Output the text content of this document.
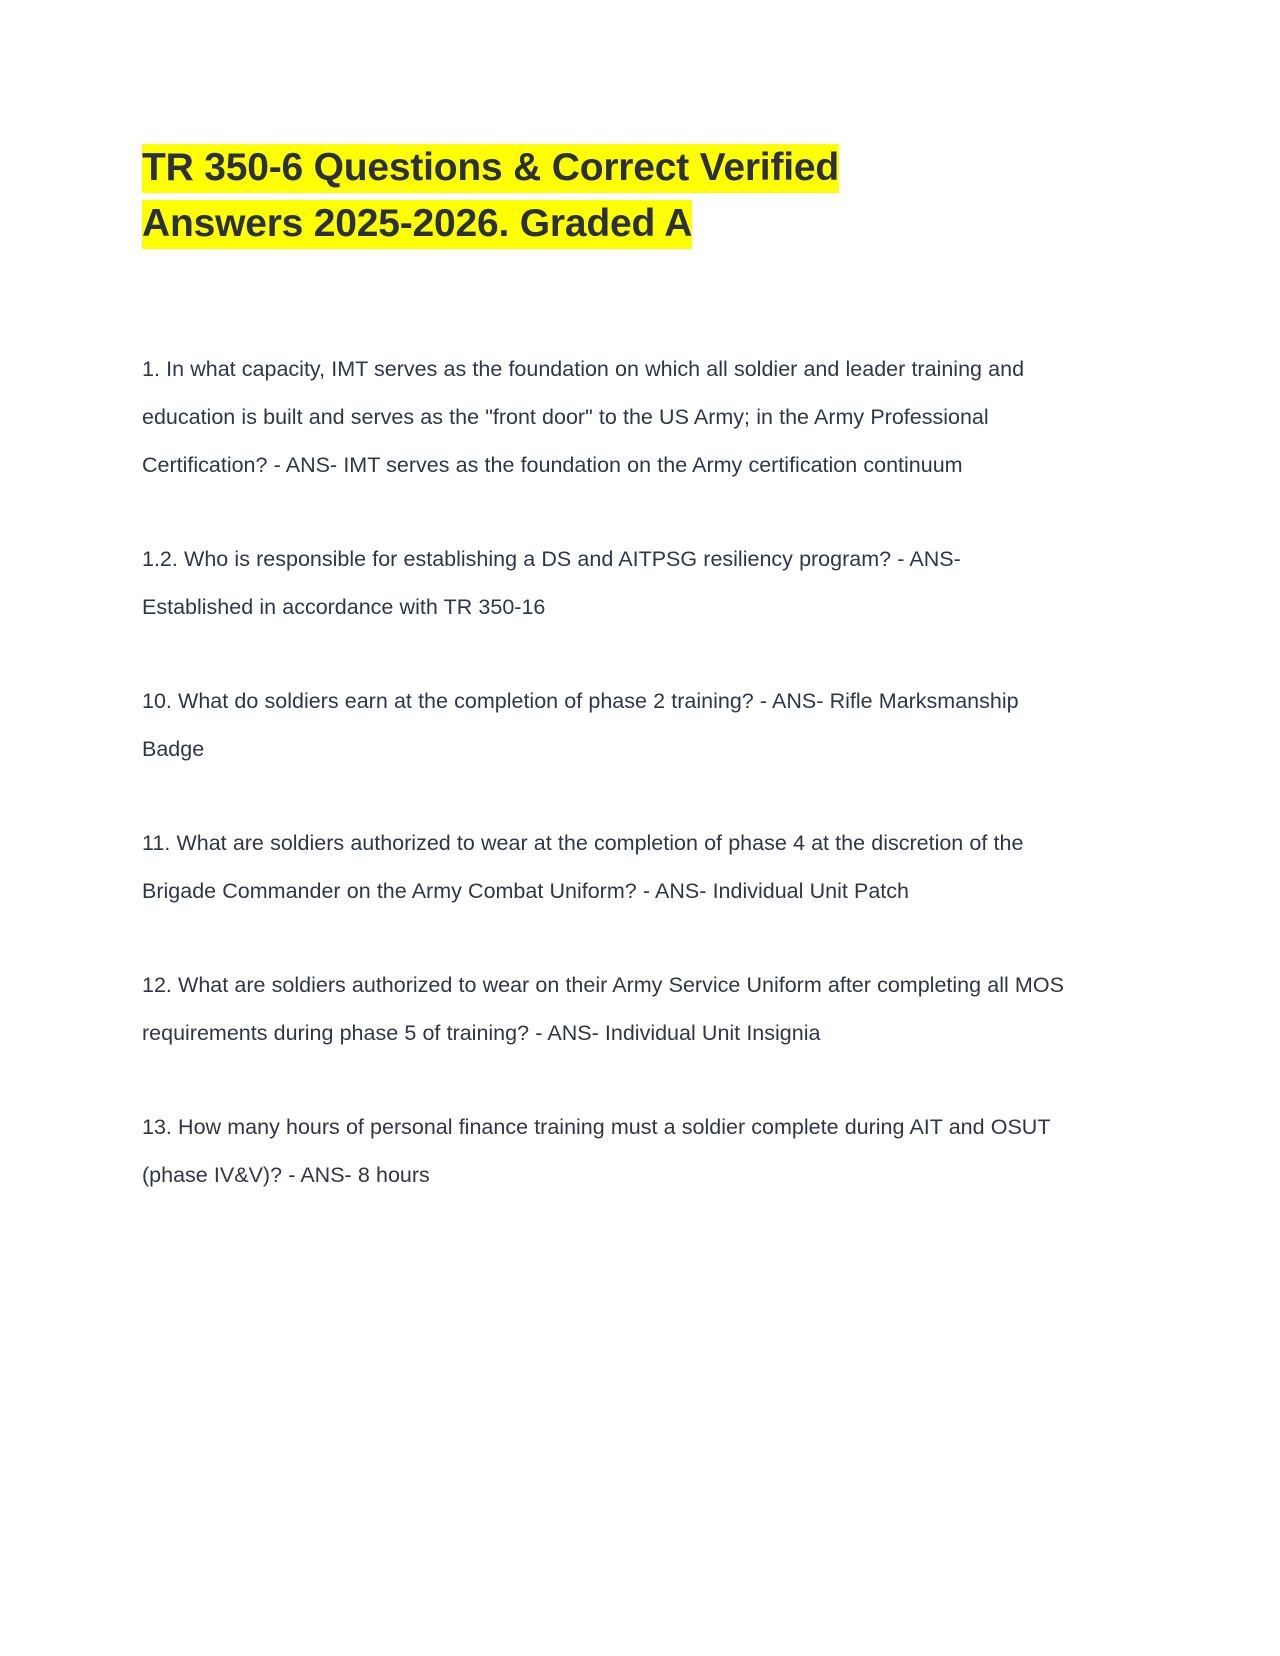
TR 350-6 Questions & Correct Verified
Answers 2025-2026. Graded A

1. In what capacity, IMT serves as the foundation on which all soldier and leader training and education is built and serves as the "front door" to the US Army; in the Army Professional Certification? - ANS- IMT serves as the foundation on the Army certification continuum

1.2. Who is responsible for establishing a DS and AITPSG resiliency program? - ANS- Established in accordance with TR 350-16

10. What do soldiers earn at the completion of phase 2 training? - ANS- Rifle Marksmanship Badge

11. What are soldiers authorized to wear at the completion of phase 4 at the discretion of the Brigade Commander on the Army Combat Uniform? - ANS- Individual Unit Patch

12. What are soldiers authorized to wear on their Army Service Uniform after completing all MOS requirements during phase 5 of training? - ANS- Individual Unit Insignia

13. How many hours of personal finance training must a soldier complete during AIT and OSUT (phase IV&V)? - ANS- 8 hours
